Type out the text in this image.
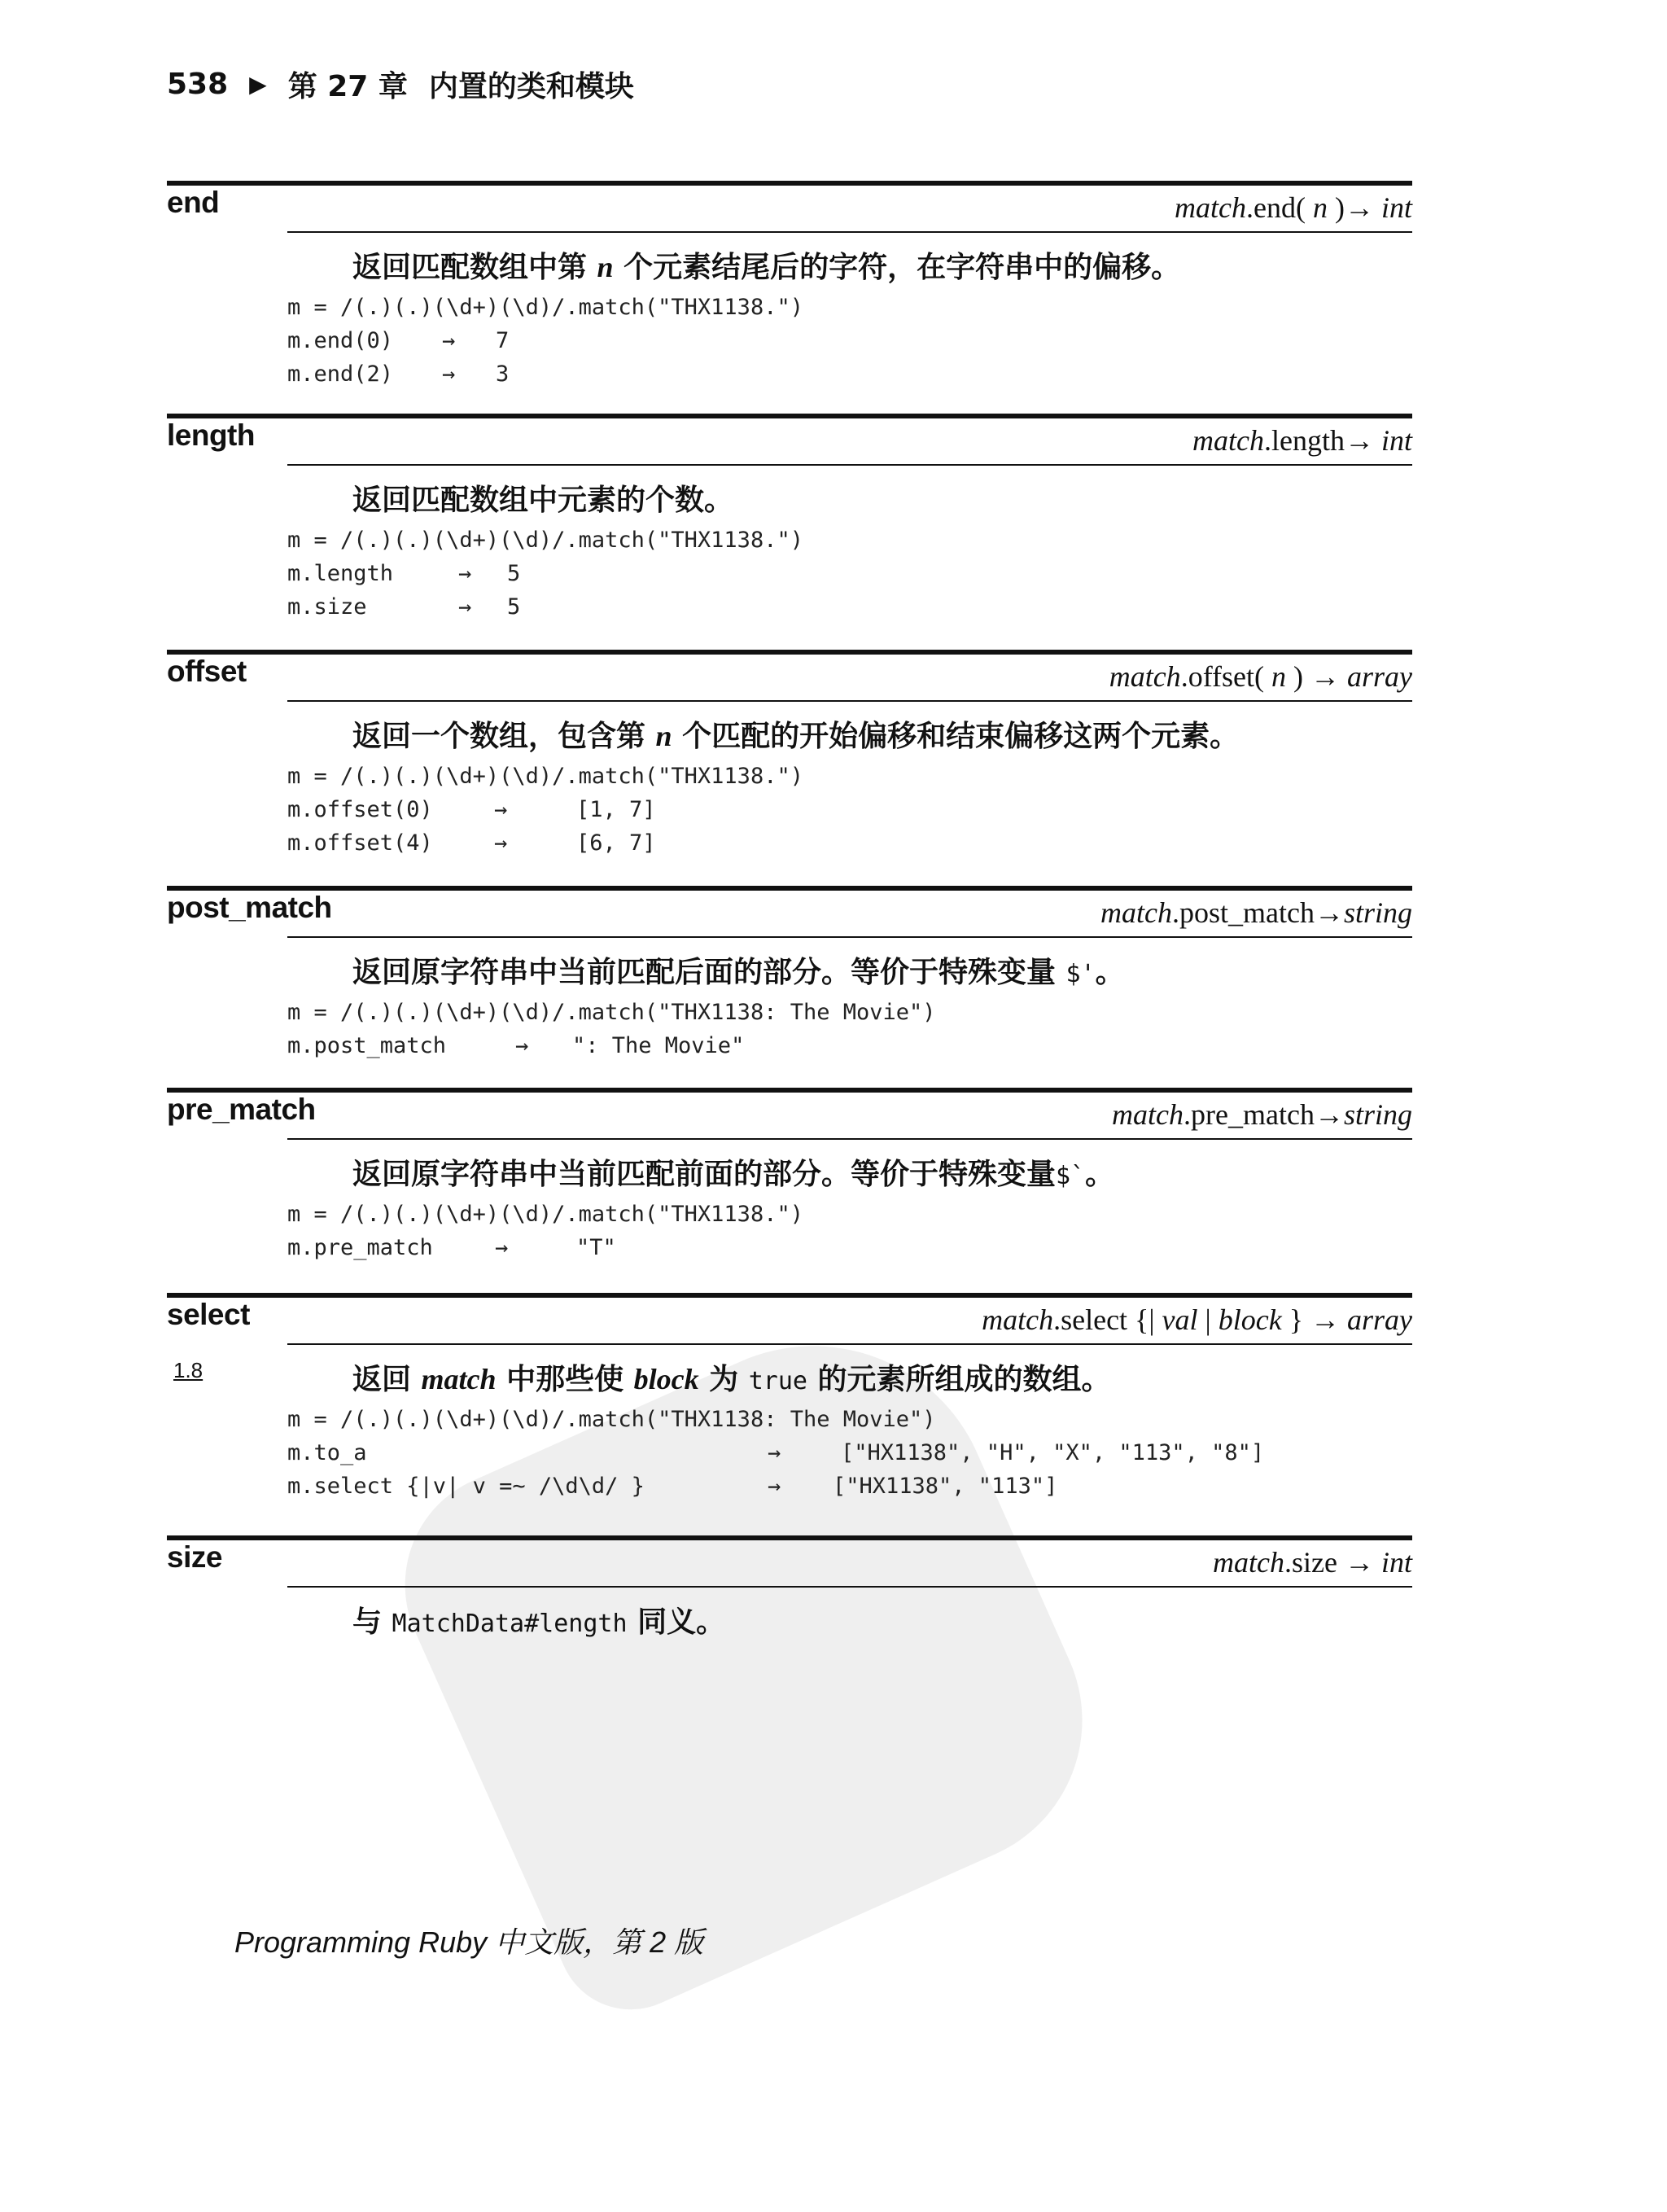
538 ▶ 第 27 章 内置的类和模块
end	match.end( n )→ int
返回匹配数组中第 n 个元素结尾后的字符，在字符串中的偏移。
m = /(.)(.)(\d+)(\d)/.match("THX1138.")
m.end(0) → 7
m.end(2) → 3
length	match.length→ int
返回匹配数组中元素的个数。
m = /(.)(.)(\d+)(\d)/.match("THX1138.")
m.length	→ 5
m.size	→ 5
offset	match.offset( n ) → array
返回一个数组，包含第 n 个匹配的开始偏移和结束偏移这两个元素。
m = /(.)(.)(\d+)(\d)/.match("THX1138.")
m.offset(0)	→	[1, 7]
m.offset(4)	→	[6, 7]
post_match	match.post_match→string
返回原字符串中当前匹配后面的部分。等价于特殊变量 $'。
m = /(.)(.)(\d+)(\d)/.match("THX1138: The Movie")
m.post_match	→ ": The Movie"
pre_match	match.pre_match→string
返回原字符串中当前匹配前面的部分。等价于特殊变量$`。
m = /(.)(.)(\d+)(\d)/.match("THX1138.")
m.pre_match	→	"T"
select	match.select {| val | block } → array
1.8	返回 match 中那些使 block 为 true 的元素所组成的数组。
m = /(.)(.)(\d+)(\d)/.match("THX1138: The Movie")
m.to_a	→	["HX1138", "H", "X", "113", "8"]
m.select {|v| v =~ /\d\d/ }	→ ["HX1138", "113"]
size	match.size → int
与 MatchData#length 同义。
Programming Ruby 中文版，第 2 版
